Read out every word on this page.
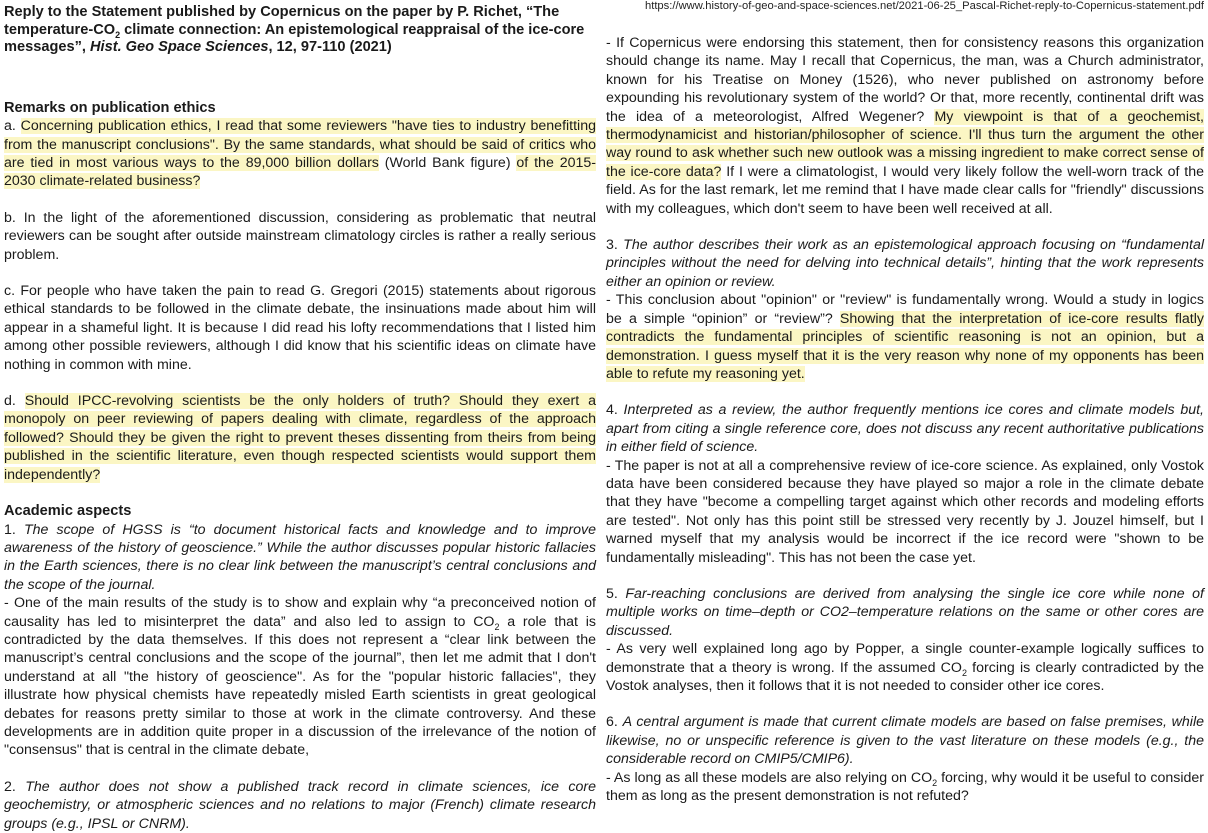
https://www.history-of-geo-and-space-sciences.net/2021-06-25_Pascal-Richet-reply-to-Copernicus-statement.pdf

Reply to the Statement published by Copernicus on the paper by P. Richet, “The temperature-$CO_2$ climate connection: An epistemological reappraisal of the ice-core messages”, Hist. Geo Space Sciences, 12, 97-110 (2021)

Remarks on publication ethics

a. Concerning publication ethics, I read that some reviewers "have ties to industry benefitting from the manuscript conclusions". By the same standards, what should be said of critics who are tied in most various ways to the 89,000 billion dollars (World Bank figure) of the 2015-2030 climate-related business?

b. In the light of the aforementioned discussion, considering as problematic that neutral reviewers can be sought after outside mainstream climatology circles is rather a really serious problem.

c. For people who have taken the pain to read G. Gregori (2015) statements about rigorous ethical standards to be followed in the climate debate, the insinuations made about him will appear in a shameful light. It is because I did read his lofty recommendations that I listed him among other possible reviewers, although I did know that his scientific ideas on climate have nothing in common with mine.

d. Should IPCC-revolving scientists be the only holders of truth? Should they exert a monopoly on peer reviewing of papers dealing with climate, regardless of the approach followed? Should they be given the right to prevent theses dissenting from theirs from being published in the scientific literature, even though respected scientists would support them independently?

Academic aspects

1. The scope of HGSS is “to document historical facts and knowledge and to improve awareness of the history of geoscience.” While the author discusses popular historic fallacies in the Earth sciences, there is no clear link between the manuscript’s central conclusions and the scope of the journal.

- One of the main results of the study is to show and explain why “a preconceived notion of causality has led to misinterpret the data” and also led to assign to $CO_2$ a role that is contradicted by the data themselves. If this does not represent a “clear link between the manuscript’s central conclusions and the scope of the journal”, then let me admit that I don't understand at all "the history of geoscience". As for the "popular historic fallacies", they illustrate how physical chemists have repeatedly misled Earth scientists in great geological debates for reasons pretty similar to those at work in the climate controversy. And these developments are in addition quite proper in a discussion of the irrelevance of the notion of "consensus" that is central in the climate debate,

2. The author does not show a published track record in climate sciences, ice core geochemistry, or atmospheric sciences and no relations to major (French) climate research groups (e.g., IPSL or CNRM).

- If Copernicus were endorsing this statement, then for consistency reasons this organization should change its name. May I recall that Copernicus, the man, was a Church administrator, known for his Treatise on Money (1526), who never published on astronomy before expounding his revolutionary system of the world? Or that, more recently, continental drift was the idea of a meteorologist, Alfred Wegener? My viewpoint is that of a geochemist, thermodynamicist and historian/philosopher of science. I'll thus turn the argument the other way round to ask whether such new outlook was a missing ingredient to make correct sense of the ice-core data? If I were a climatologist, I would very likely follow the well-worn track of the field. As for the last remark, let me remind that I have made clear calls for "friendly" discussions with my colleagues, which don't seem to have been well received at all.

3. The author describes their work as an epistemological approach focusing on “fundamental principles without the need for delving into technical details”, hinting that the work represents either an opinion or review.

- This conclusion about "opinion" or "review" is fundamentally wrong. Would a study in logics be a simple “opinion” or “review”? Showing that the interpretation of ice-core results flatly contradicts the fundamental principles of scientific reasoning is not an opinion, but a demonstration. I guess myself that it is the very reason why none of my opponents has been able to refute my reasoning yet.

4. Interpreted as a review, the author frequently mentions ice cores and climate models but, apart from citing a single reference core, does not discuss any recent authoritative publications in either field of science.

- The paper is not at all a comprehensive review of ice-core science. As explained, only Vostok data have been considered because they have played so major a role in the climate debate that they have "become a compelling target against which other records and modeling efforts are tested". Not only has this point still be stressed very recently by J. Jouzel himself, but I warned myself that my analysis would be incorrect if the ice record were "shown to be fundamentally misleading". This has not been the case yet.

5. Far-reaching conclusions are derived from analysing the single ice core while none of multiple works on time–depth or CO2–temperature relations on the same or other cores are discussed.

- As very well explained long ago by Popper, a single counter-example logically suffices to demonstrate that a theory is wrong. If the assumed $CO_2$ forcing is clearly contradicted by the Vostok analyses, then it follows that it is not needed to consider other ice cores.

6. A central argument is made that current climate models are based on false premises, while likewise, no or unspecific reference is given to the vast literature on these models (e.g., the considerable record on CMIP5/CMIP6).

- As long as all these models are also relying on $CO_2$ forcing, why would it be useful to consider them as long as the present demonstration is not refuted?
